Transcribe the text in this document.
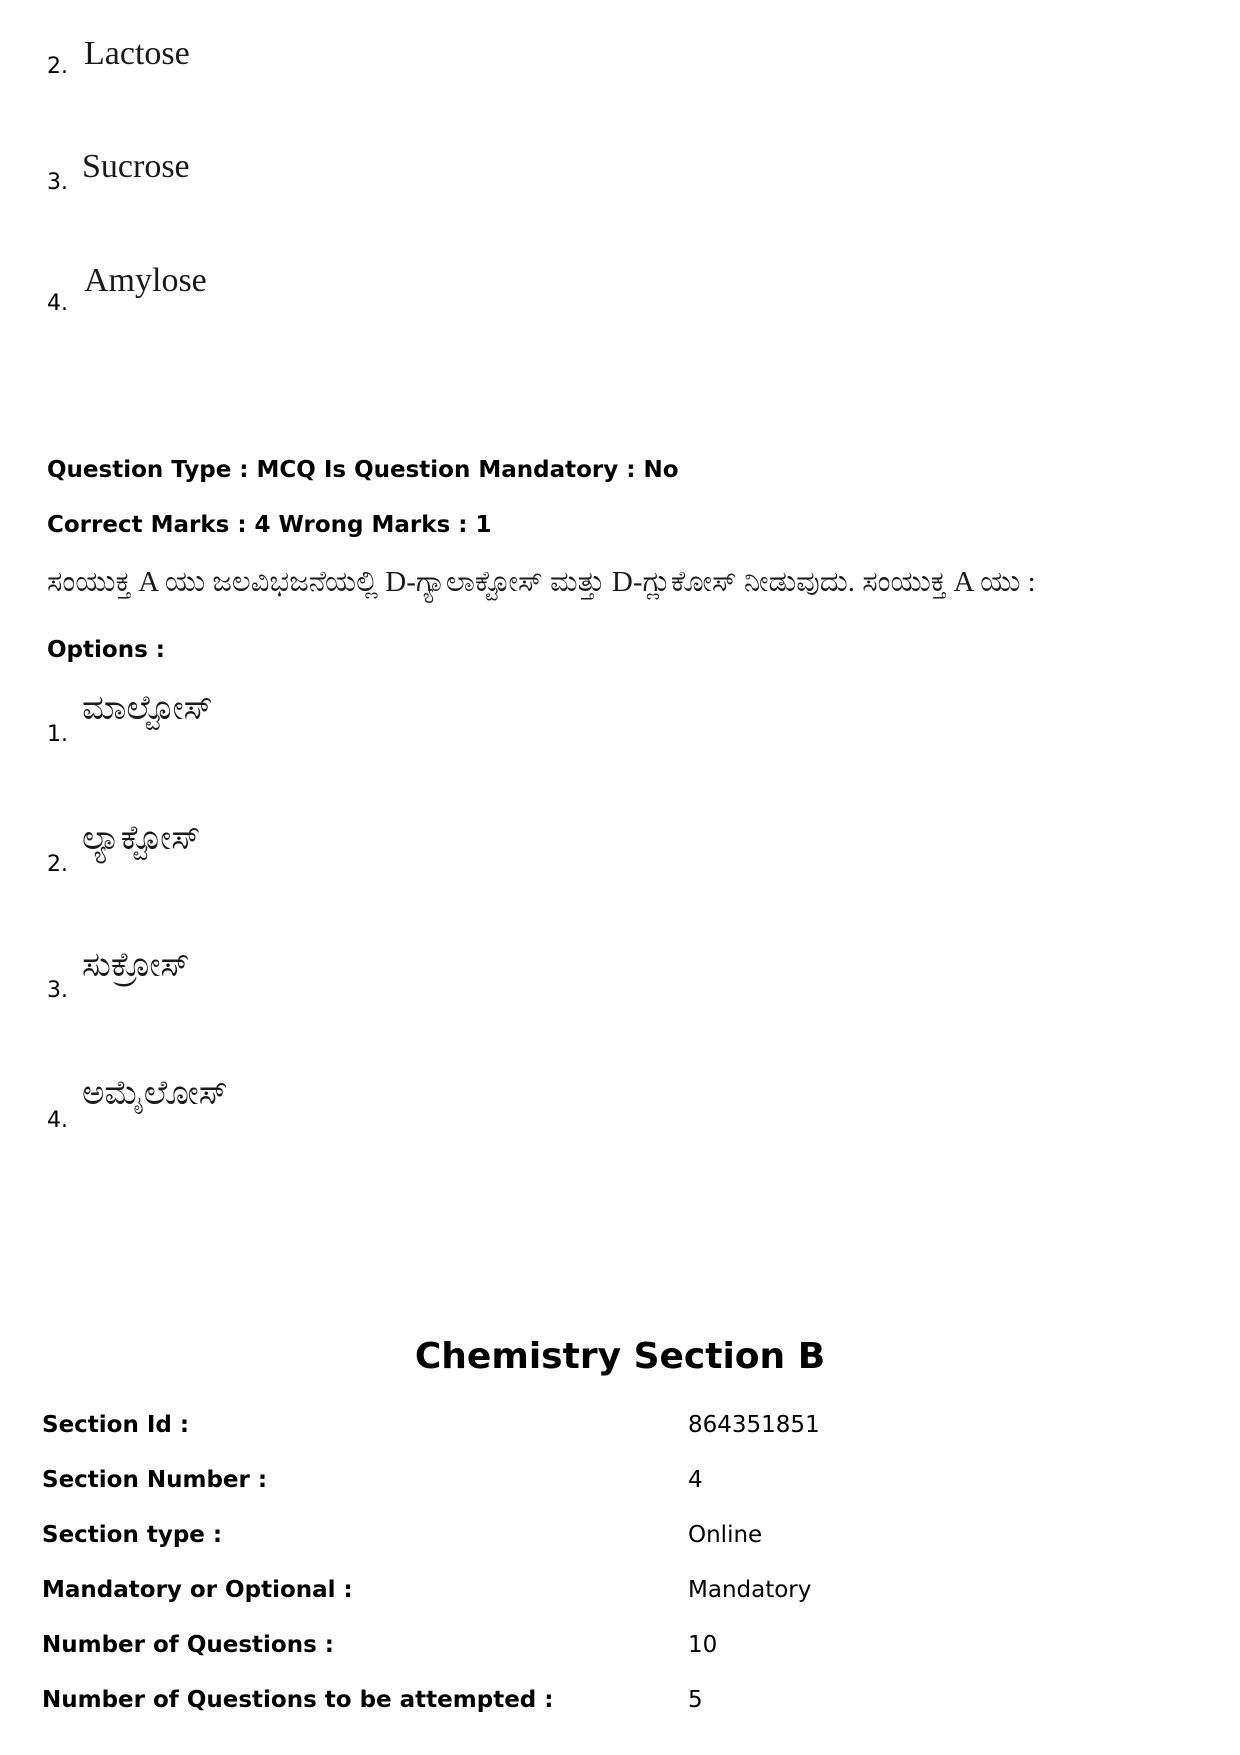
2. Lactose
3. Sucrose
4.
Amylose
Question Type : MCQ Is Question Mandatory : No
Correct Marks : 4 Wrong Marks : 1
ಸಂಯುಕ್ತ A ಯು ಜಲವಿಭಜನೆಯಲ್ಲಿ D-ಗ್ಯಾಲಾಕ್ಟೋಸ್ ಮತ್ತು D-ಗ್ಲುಕೋಸ್ ನೀಡುವುದು. ಸಂಯುಕ್ತ A ಯು :
Options :
1.
ಮಾಲ್ಟೋಸ್
2.
ಲ್ಯಾಕ್ಟೋಸ್
3.
ಸುಕ್ರೋಸ್
4.
ಅಮೈಲೋಸ್
Chemistry Section B
Section Id :	864351851
Section Number :	4
Section type :	Online
Mandatory or Optional :	Mandatory
Number of Questions :	10
Number of Questions to be attempted :	5
